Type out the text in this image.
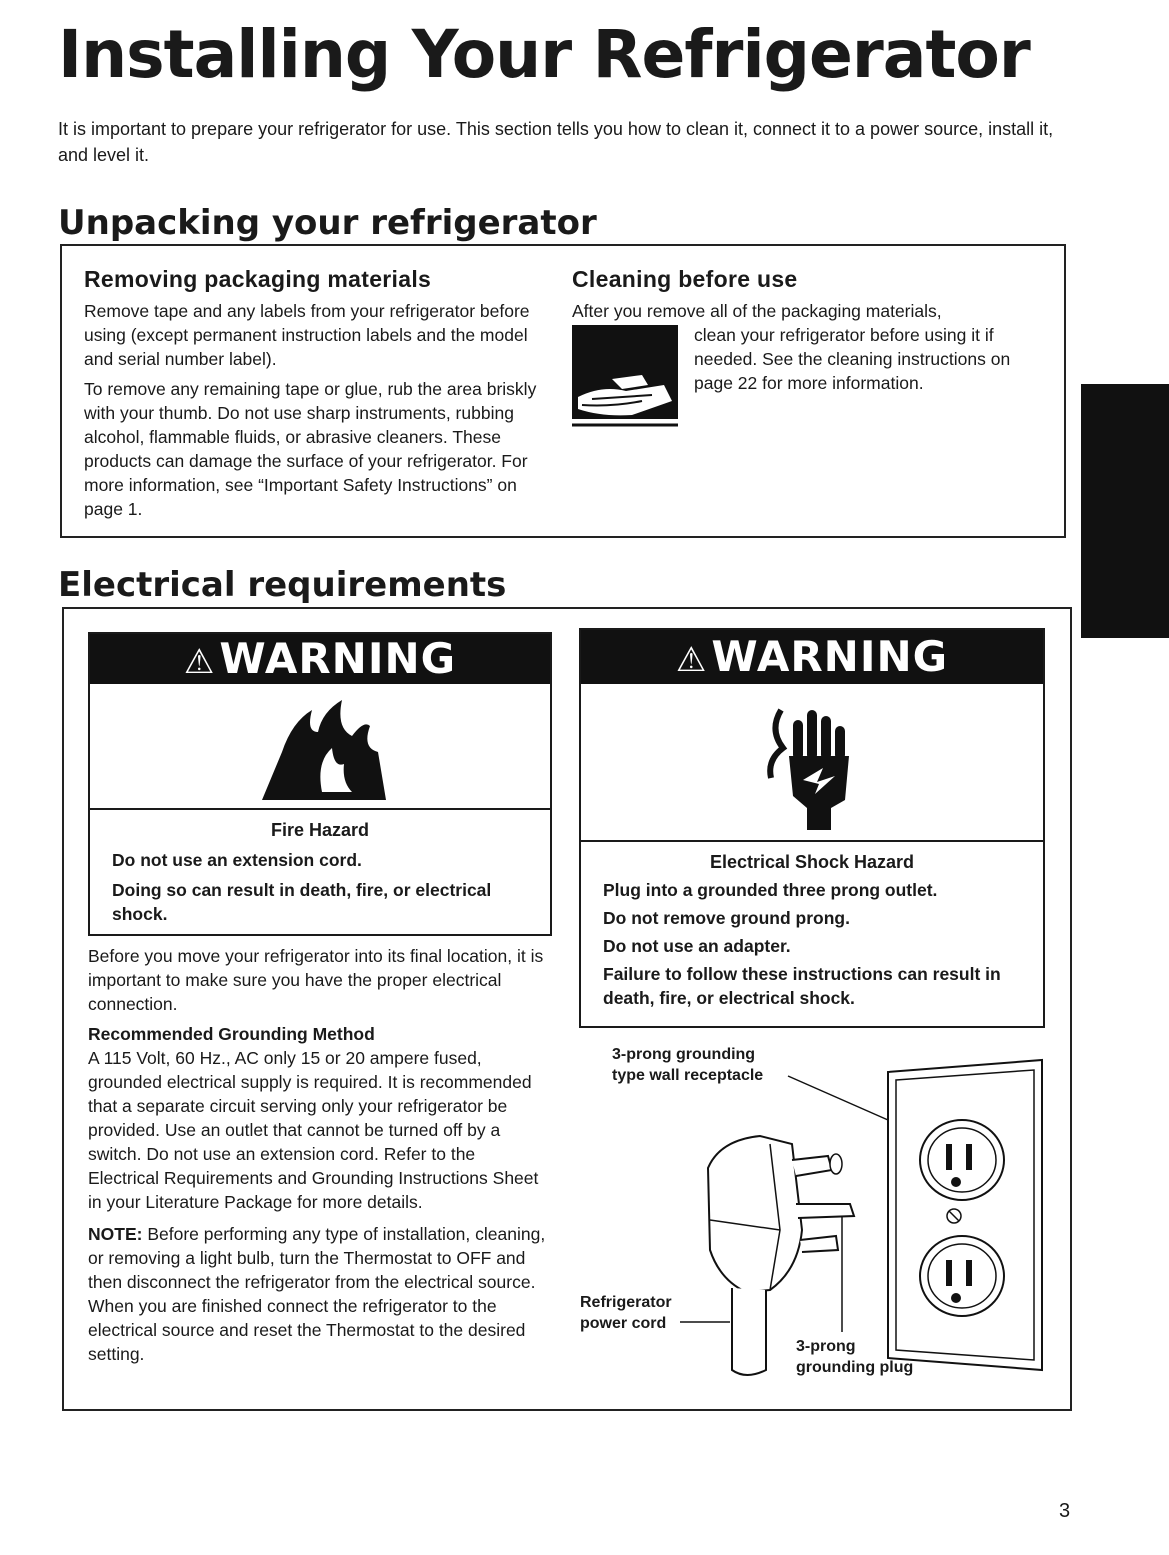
Installing Your Refrigerator

It is important to prepare your refrigerator for use. This section tells you how to clean it, connect it to a power source, install it, and level it.

Unpacking your refrigerator
Removing packaging materials

Remove tape and any labels from your refrigerator before using (except permanent instruction labels and the model and serial number label).

To remove any remaining tape or glue, rub the area briskly with your thumb. Do not use sharp instruments, rubbing alcohol, flammable fluids, or abrasive cleaners. These products can damage the surface of your refrigerator. For more information, see “Important Safety Instructions” on page 1.

Cleaning before use

After you remove all of the packaging materials,

clean your refrigerator before using it if needed. See the cleaning instructions on page 22 for more information.

Electrical requirements
⚠WARNING
Fire Hazard

Do not use an extension cord.

Doing so can result in death, fire, or electrical shock.

Before you move your refrigerator into its final location, it is important to make sure you have the proper electrical connection.

Recommended Grounding Method

A 115 Volt, 60 Hz., AC only 15 or 20 ampere fused, grounded electrical supply is required. It is recommended that a separate circuit serving only your refrigerator be provided. Use an outlet that cannot be turned off by a switch. Do not use an extension cord. Refer to the Electrical Requirements and Grounding Instructions Sheet in your Literature Package for more details.

NOTE: Before performing any type of installation, cleaning, or removing a light bulb, turn the Thermostat to OFF and then disconnect the refrigerator from the electrical source. When you are finished connect the refrigerator to the electrical source and reset the Thermostat to the desired setting.

⚠WARNING
Electrical Shock Hazard

Plug into a grounded three prong outlet.

Do not remove ground prong.

Do not use an adapter.

Failure to follow these instructions can result in death, fire, or electrical shock.

3-prong grounding
type wall receptacle
Refrigerator
power cord
3-prong
grounding plug
3
